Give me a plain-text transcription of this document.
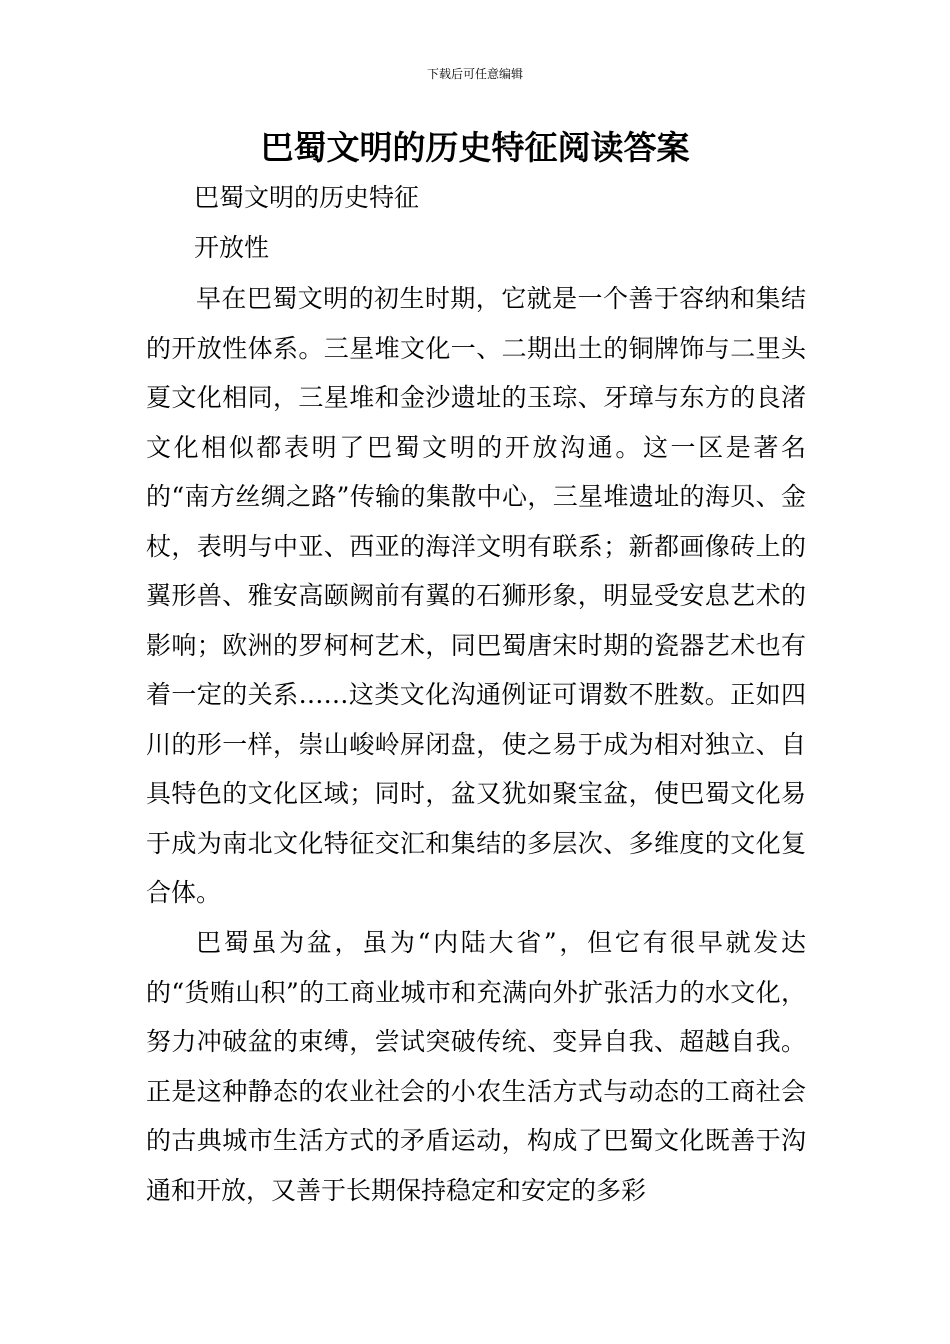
下载后可任意编辑
巴蜀文明的历史特征阅读答案

巴蜀文明的历史特征

开放性

早在巴蜀文明的初生时期，它就是一个善于容纳和集结的开放性体系。三星堆文化一、二期出土的铜牌饰与二里头夏文化相同，三星堆和金沙遗址的玉琮、牙璋与东方的良渚文化相似都表明了巴蜀文明的开放沟通。这一区是著名的“南方丝绸之路”传输的集散中心，三星堆遗址的海贝、金杖，表明与中亚、西亚的海洋文明有联系；新都画像砖上的翼形兽、雅安高颐阙前有翼的石狮形象，明显受安息艺术的影响；欧洲的罗柯柯艺术，同巴蜀唐宋时期的瓷器艺术也有着一定的关系……这类文化沟通例证可谓数不胜数。正如四川的形一样，崇山峻岭屏闭盘，使之易于成为相对独立、自具特色的文化区域；同时，盆又犹如聚宝盆，使巴蜀文化易于成为南北文化特征交汇和集结的多层次、多维度的文化复合体。

巴蜀虽为盆，虽为“内陆大省”，但它有很早就发达的“货贿山积”的工商业城市和充满向外扩张活力的水文化，努力冲破盆的束缚，尝试突破传统、变异自我、超越自我。正是这种静态的农业社会的小农生活方式与动态的工商社会的古典城市生活方式的矛盾运动，构成了巴蜀文化既善于沟通和开放，又善于长期保持稳定和安定的多彩
